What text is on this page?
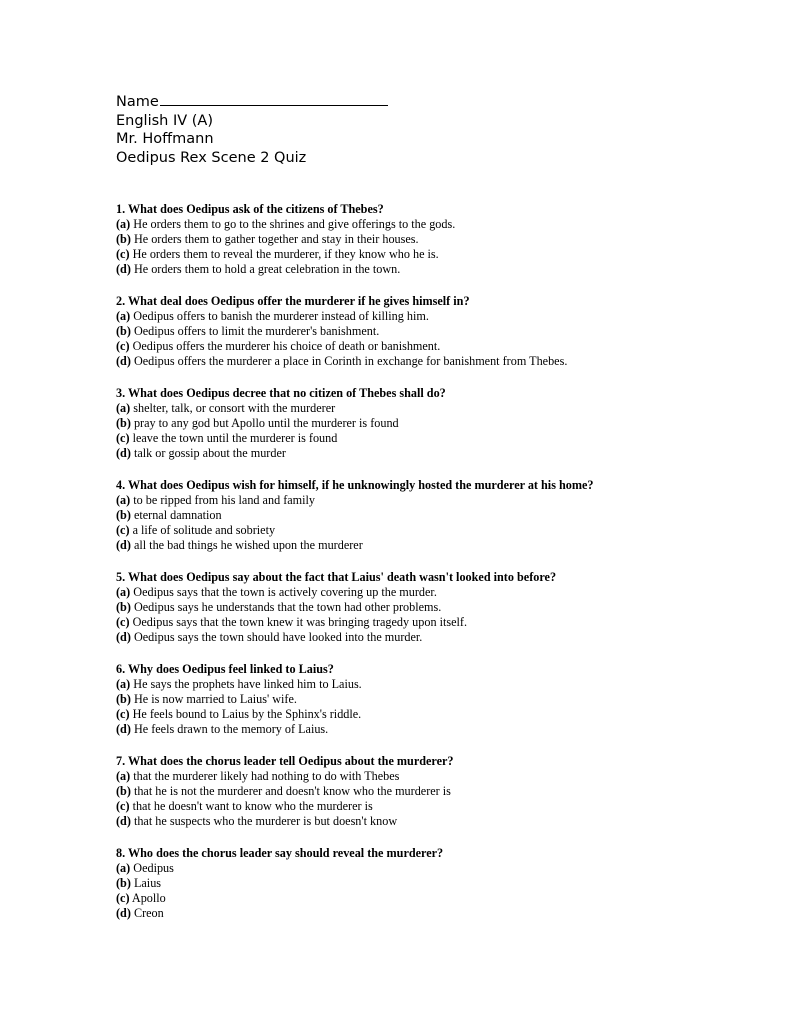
Name
English IV (A)
Mr. Hoffmann
Oedipus Rex Scene 2 Quiz
1. What does Oedipus ask of the citizens of Thebes?
(a) He orders them to go to the shrines and give offerings to the gods.
(b) He orders them to gather together and stay in their houses.
(c) He orders them to reveal the murderer, if they know who he is.
(d) He orders them to hold a great celebration in the town.
2. What deal does Oedipus offer the murderer if he gives himself in?
(a) Oedipus offers to banish the murderer instead of killing him.
(b) Oedipus offers to limit the murderer's banishment.
(c) Oedipus offers the murderer his choice of death or banishment.
(d) Oedipus offers the murderer a place in Corinth in exchange for banishment from Thebes.
3. What does Oedipus decree that no citizen of Thebes shall do?
(a) shelter, talk, or consort with the murderer
(b) pray to any god but Apollo until the murderer is found
(c) leave the town until the murderer is found
(d) talk or gossip about the murder
4. What does Oedipus wish for himself, if he unknowingly hosted the murderer at his home?
(a) to be ripped from his land and family
(b) eternal damnation
(c) a life of solitude and sobriety
(d) all the bad things he wished upon the murderer
5. What does Oedipus say about the fact that Laius' death wasn't looked into before?
(a) Oedipus says that the town is actively covering up the murder.
(b) Oedipus says he understands that the town had other problems.
(c) Oedipus says that the town knew it was bringing tragedy upon itself.
(d) Oedipus says the town should have looked into the murder.
6. Why does Oedipus feel linked to Laius?
(a) He says the prophets have linked him to Laius.
(b) He is now married to Laius' wife.
(c) He feels bound to Laius by the Sphinx's riddle.
(d) He feels drawn to the memory of Laius.
7. What does the chorus leader tell Oedipus about the murderer?
(a) that the murderer likely had nothing to do with Thebes
(b) that he is not the murderer and doesn't know who the murderer is
(c) that he doesn't want to know who the murderer is
(d) that he suspects who the murderer is but doesn't know
8. Who does the chorus leader say should reveal the murderer?
(a) Oedipus
(b) Laius
(c) Apollo
(d) Creon
